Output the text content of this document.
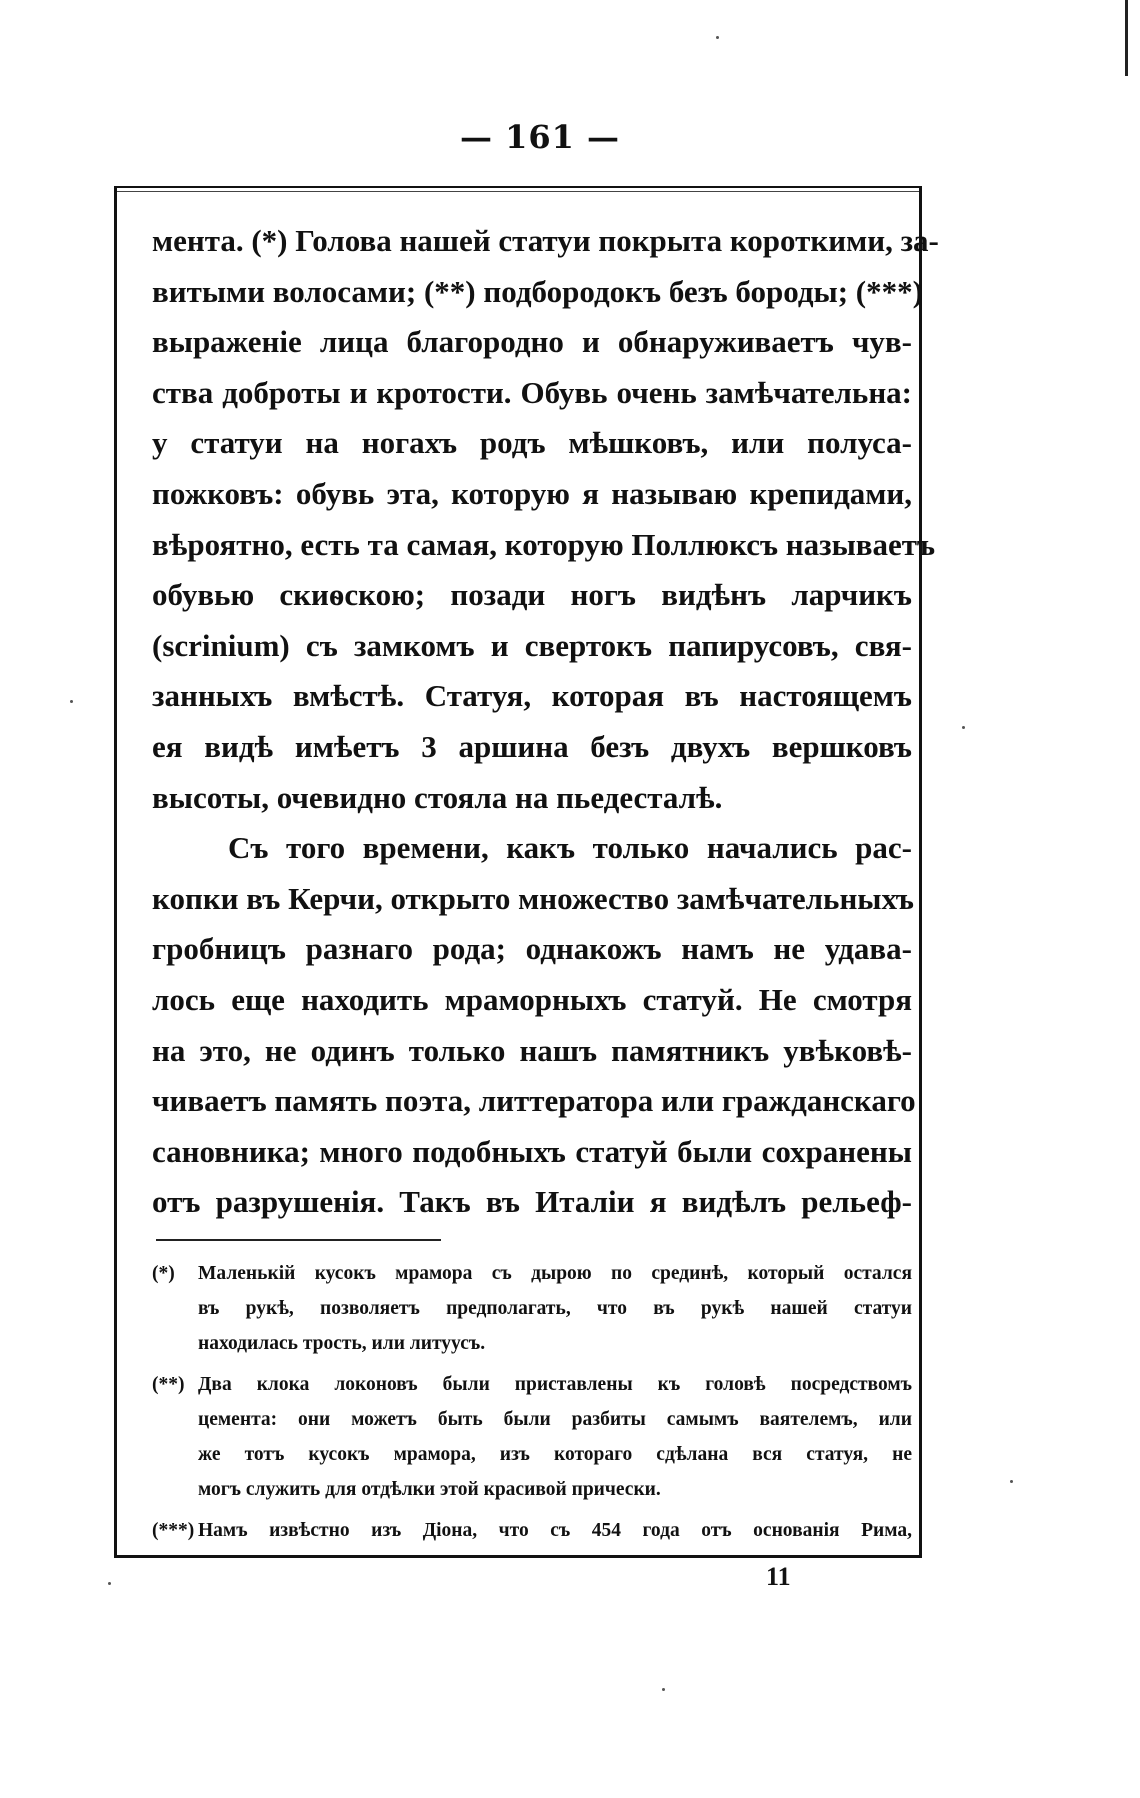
— 161 —
мента. (*) Голова нашей статуи покрыта короткими, за-
витыми волосами; (**) подбородокъ безъ бороды; (***)
выраженіе лица благородно и обнаруживаетъ чув-
ства доброты и кротости. Обувь очень замѣчательна:
у статуи на ногахъ родъ мѣшковъ, или полуса-
пожковъ: обувь эта, которую я называю крепидами,
вѣроятно, есть та самая, которую Поллюксъ называетъ
обувью скиѳскою; позади ногъ видѣнъ ларчикъ
(scrinium) съ замкомъ и свертокъ папирусовъ, свя-
занныхъ вмѣстѣ. Статуя, которая въ настоящемъ
ея видѣ имѣетъ 3 аршина безъ двухъ вершковъ
высоты, очевидно стояла на пьедесталѣ.
Съ того времени, какъ только начались рас-
копки въ Керчи, открыто множество замѣчательныхъ
гробницъ разнаго рода; однакожъ намъ не удава-
лось еще находить мраморныхъ статуй. Не смотря
на это, не одинъ только нашъ памятникъ увѣковѣ-
чиваетъ память поэта, литтератора или гражданскаго
сановника; много подобныхъ статуй были сохранены
отъ разрушенія. Такъ въ Италіи я видѣлъ рельеф-
(*) Маленькій кусокъ мрамора съ дырою по срединѣ, который остался
въ рукѣ, позволяетъ предполагать, что въ рукѣ нашей статуи
находилась трость, или литуусъ.
(**) Два клока локоновъ были приставлены къ головѣ посредствомъ
цемента: они можетъ быть были разбиты самымъ ваятелемъ, или
же тотъ кусокъ мрамора, изъ котораго сдѣлана вся статуя, не
могъ служить для отдѣлки этой красивой прически.
(***) Намъ извѣстно изъ Діона, что съ 454 года отъ основанія Рима,
11
